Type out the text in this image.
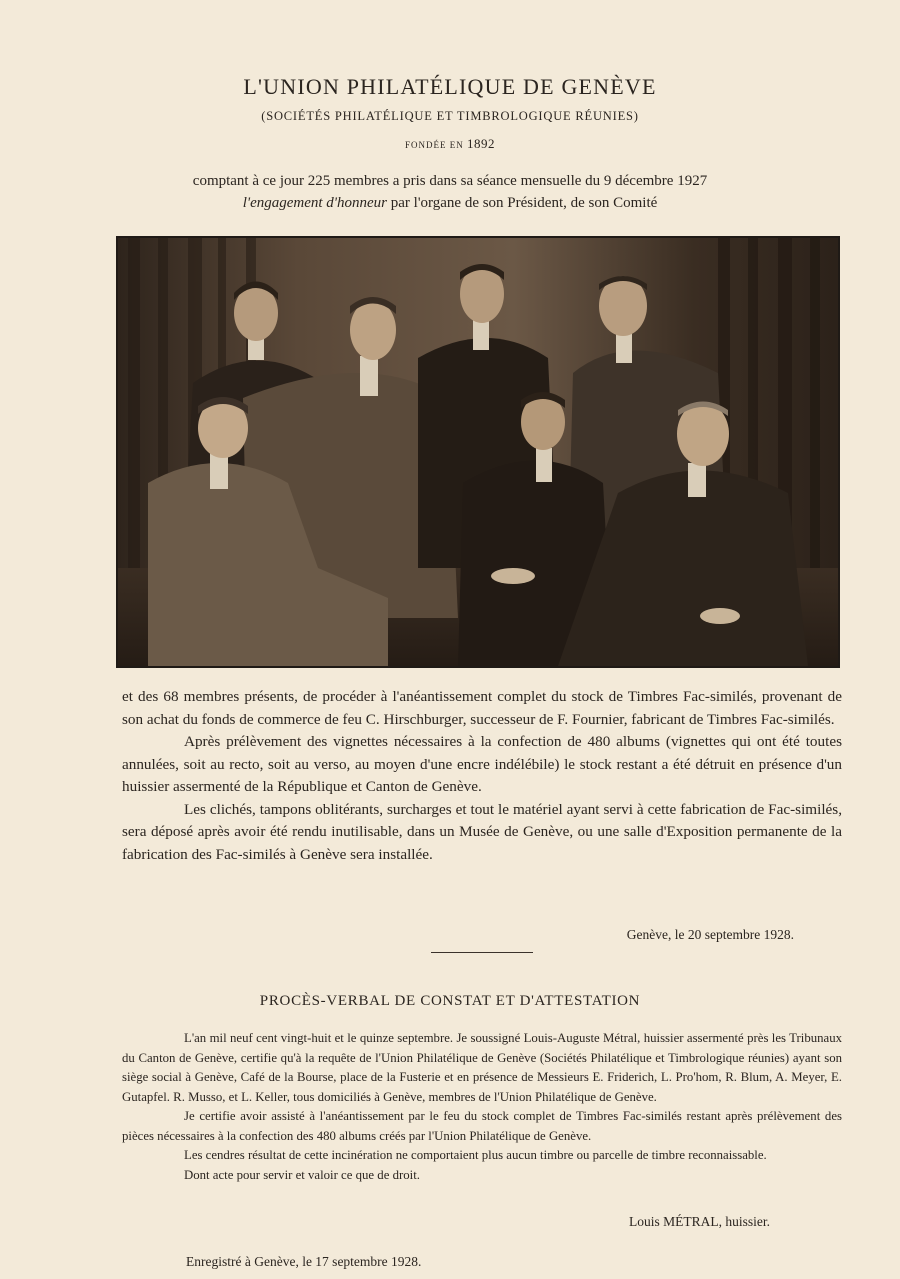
L'UNION PHILATÉLIQUE DE GENÈVE
(SOCIÉTÉS PHILATÉLIQUE ET TIMBROLOGIQUE RÉUNIES)
FONDÉE EN 1892
comptant à ce jour 225 membres a pris dans sa séance mensuelle du 9 décembre 1927
l'engagement d'honneur par l'organe de son Président, de son Comité

et des 68 membres présents, de procéder à l'anéantissement complet du stock de Timbres Fac-similés, provenant de son achat du fonds de commerce de feu C. Hirschburger, successeur de F. Fournier, fabricant de Timbres Fac-similés.

Après prélèvement des vignettes nécessaires à la confection de 480 albums (vignettes qui ont été toutes annulées, soit au recto, soit au verso, au moyen d'une encre indélébile) le stock restant a été détruit en présence d'un huissier assermenté de la République et Canton de Genève.

Les clichés, tampons oblitérants, surcharges et tout le matériel ayant servi à cette fabrication de Fac-similés, sera déposé après avoir été rendu inutilisable, dans un Musée de Genève, ou une salle d'Exposition permanente de la fabrication des Fac-similés à Genève sera installée.

Genève, le 20 septembre 1928.
PROCÈS-VERBAL DE CONSTAT ET D'ATTESTATION

L'an mil neuf cent vingt-huit et le quinze septembre. Je soussigné Louis-Auguste Métral, huissier assermenté près les Tribunaux du Canton de Genève, certifie qu'à la requête de l'Union Philatélique de Genève (Sociétés Philatélique et Timbrologique réunies) ayant son siège social à Genève, Café de la Bourse, place de la Fusterie et en présence de Messieurs E. Friderich, L. Pro'hom, R. Blum, A. Meyer, E. Gutapfel. R. Musso, et L. Keller, tous domiciliés à Genève, membres de l'Union Philatélique de Genève.

Je certifie avoir assisté à l'anéantissement par le feu du stock complet de Timbres Fac-similés restant après prélèvement des pièces nécessaires à la confection des 480 albums créés par l'Union Philatélique de Genève.

Les cendres résultat de cette incinération ne comportaient plus aucun timbre ou parcelle de timbre reconnaissable.

Dont acte pour servir et valoir ce que de droit.

Louis MÉTRAL, huissier.
Enregistré à Genève, le 17 septembre 1928.
